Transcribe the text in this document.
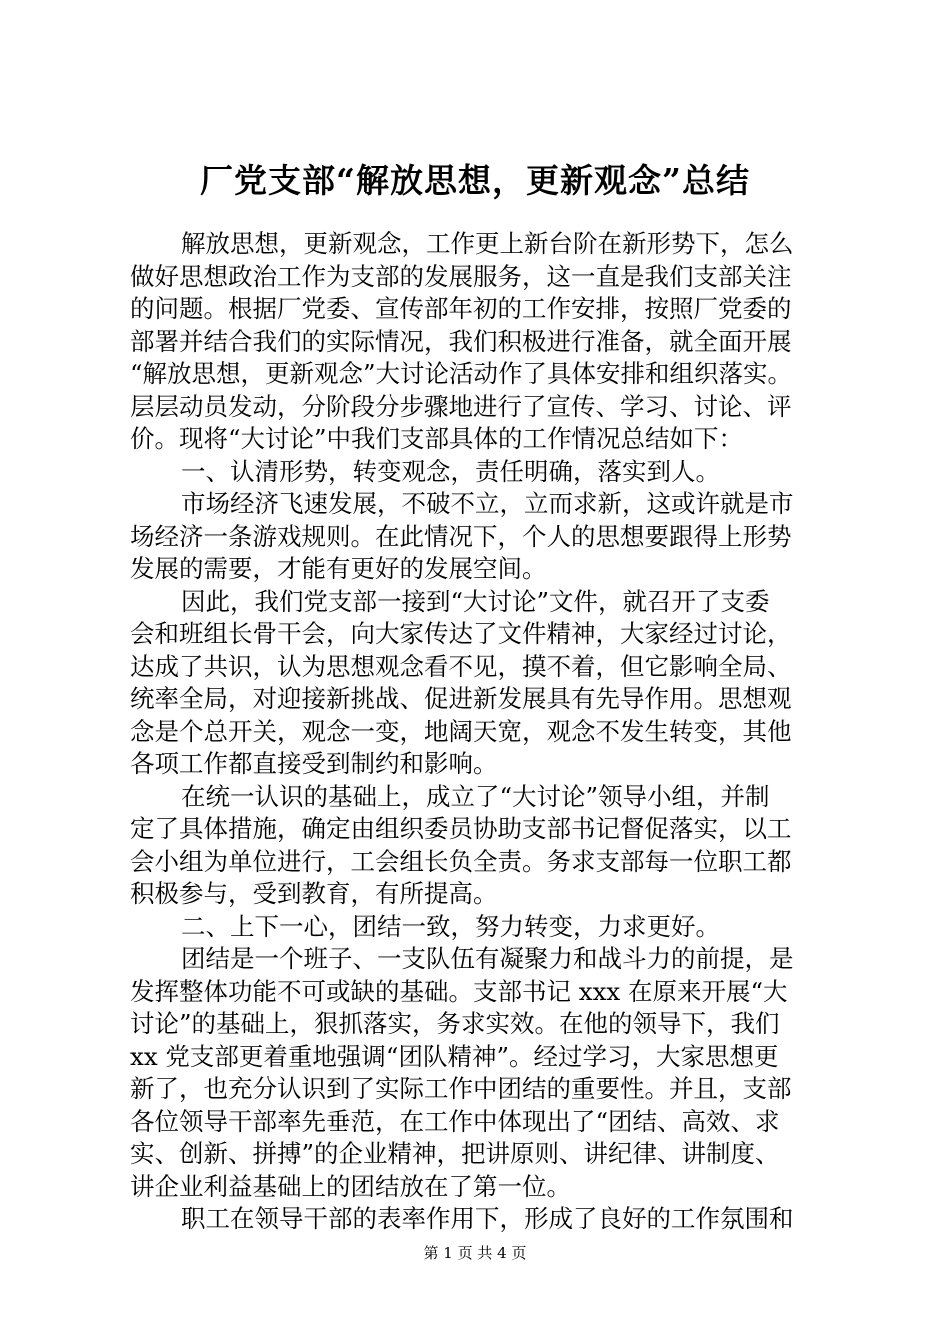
厂党支部“解放思想，更新观念”总结
解放思想，更新观念，工作更上新台阶在新形势下，怎么
做好思想政治工作为支部的发展服务，这一直是我们支部关注
的问题。根据厂党委、宣传部年初的工作安排，按照厂党委的
部署并结合我们的实际情况，我们积极进行准备，就全面开展
“解放思想，更新观念”大讨论活动作了具体安排和组织落实。
层层动员发动，分阶段分步骤地进行了宣传、学习、讨论、评
价。现将“大讨论”中我们支部具体的工作情况总结如下：
一、认清形势，转变观念，责任明确，落实到人。
市场经济飞速发展，不破不立，立而求新，这或许就是市
场经济一条游戏规则。在此情况下，个人的思想要跟得上形势
发展的需要，才能有更好的发展空间。
因此，我们党支部一接到“大讨论”文件，就召开了支委
会和班组长骨干会，向大家传达了文件精神，大家经过讨论，
达成了共识，认为思想观念看不见，摸不着，但它影响全局、
统率全局，对迎接新挑战、促进新发展具有先导作用。思想观
念是个总开关，观念一变，地阔天宽，观念不发生转变，其他
各项工作都直接受到制约和影响。
在统一认识的基础上，成立了“大讨论”领导小组，并制
定了具体措施，确定由组织委员协助支部书记督促落实，以工
会小组为单位进行，工会组长负全责。务求支部每一位职工都
积极参与，受到教育，有所提高。
二、上下一心，团结一致，努力转变，力求更好。
团结是一个班子、一支队伍有凝聚力和战斗力的前提，是
发挥整体功能不可或缺的基础。支部书记 xxx 在原来开展“大
讨论”的基础上，狠抓落实，务求实效。在他的领导下，我们
xx 党支部更着重地强调“团队精神”。经过学习，大家思想更
新了，也充分认识到了实际工作中团结的重要性。并且，支部
各位领导干部率先垂范，在工作中体现出了“团结、高效、求
实、创新、拼搏”的企业精神，把讲原则、讲纪律、讲制度、
讲企业利益基础上的团结放在了第一位。
职工在领导干部的表率作用下，形成了良好的工作氛围和
第 1 页 共 4 页
